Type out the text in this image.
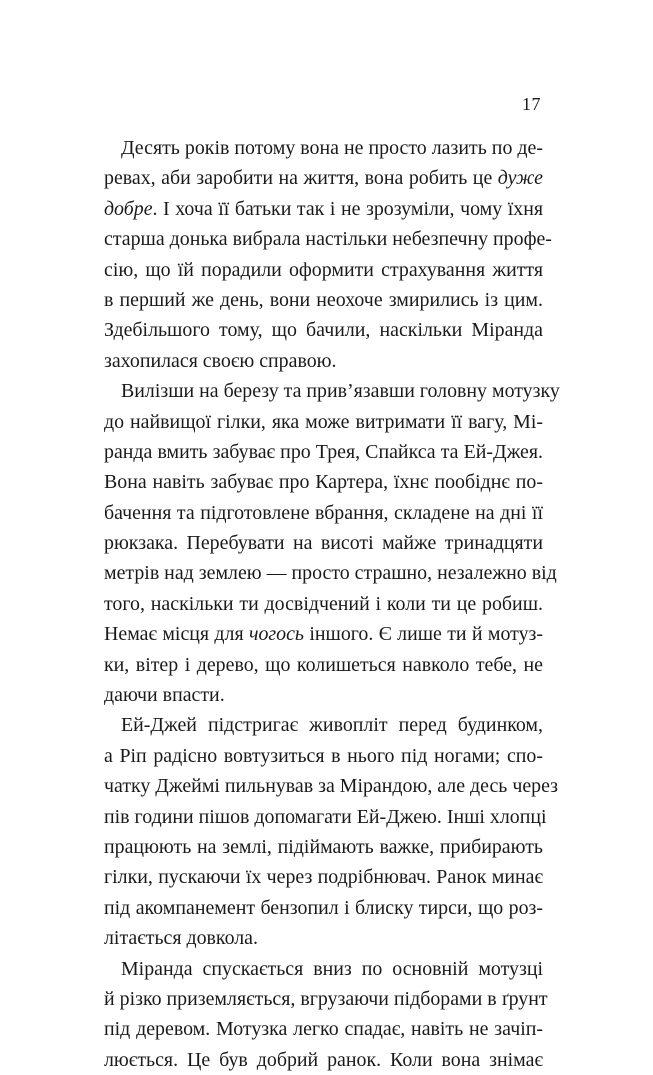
17
Десять років потому вона не просто лазить по де-
ревах, аби заробити на життя, вона робить це дуже
добре. І хоча її батьки так і не зрозуміли, чому їхня
старша донька вибрала настільки небезпечну профе-
сію, що їй порадили оформити страхування життя
в перший же день, вони неохоче змирились із цим.
Здебільшого тому, що бачили, наскільки Міранда
захопилася своєю справою.
Вилізши на березу та прив’язавши головну мотузку
до найвищої гілки, яка може витримати її вагу, Мі-
ранда вмить забуває про Трея, Спайкса та Ей-Джея.
Вона навіть забуває про Картера, їхнє пообіднє по-
бачення та підготовлене вбрання, складене на дні її
рюкзака. Перебувати на висоті майже тринадцяти
метрів над землею — просто страшно, незалежно від
того, наскільки ти досвідчений і коли ти це робиш.
Немає місця для чогось іншого. Є лише ти й мотуз-
ки, вітер і дерево, що колишеться навколо тебе, не
даючи впасти.
Ей-Джей підстригає живопліт перед будинком,
а Ріп радісно вовтузиться в нього під ногами; спо-
чатку Джеймі пильнував за Мірандою, але десь через
пів години пішов допомагати Ей-Джею. Інші хлопці
працюють на землі, підіймають важке, прибирають
гілки, пускаючи їх через подрібнювач. Ранок минає
під акомпанемент бензопил і блиску тирси, що роз-
літається довкола.
Міранда спускається вниз по основній мотузці
й різко приземляється, вгрузаючи підборами в ґрунт
під деревом. Мотузка легко спадає, навіть не зачіп-
люється. Це був добрий ранок. Коли вона знімає
